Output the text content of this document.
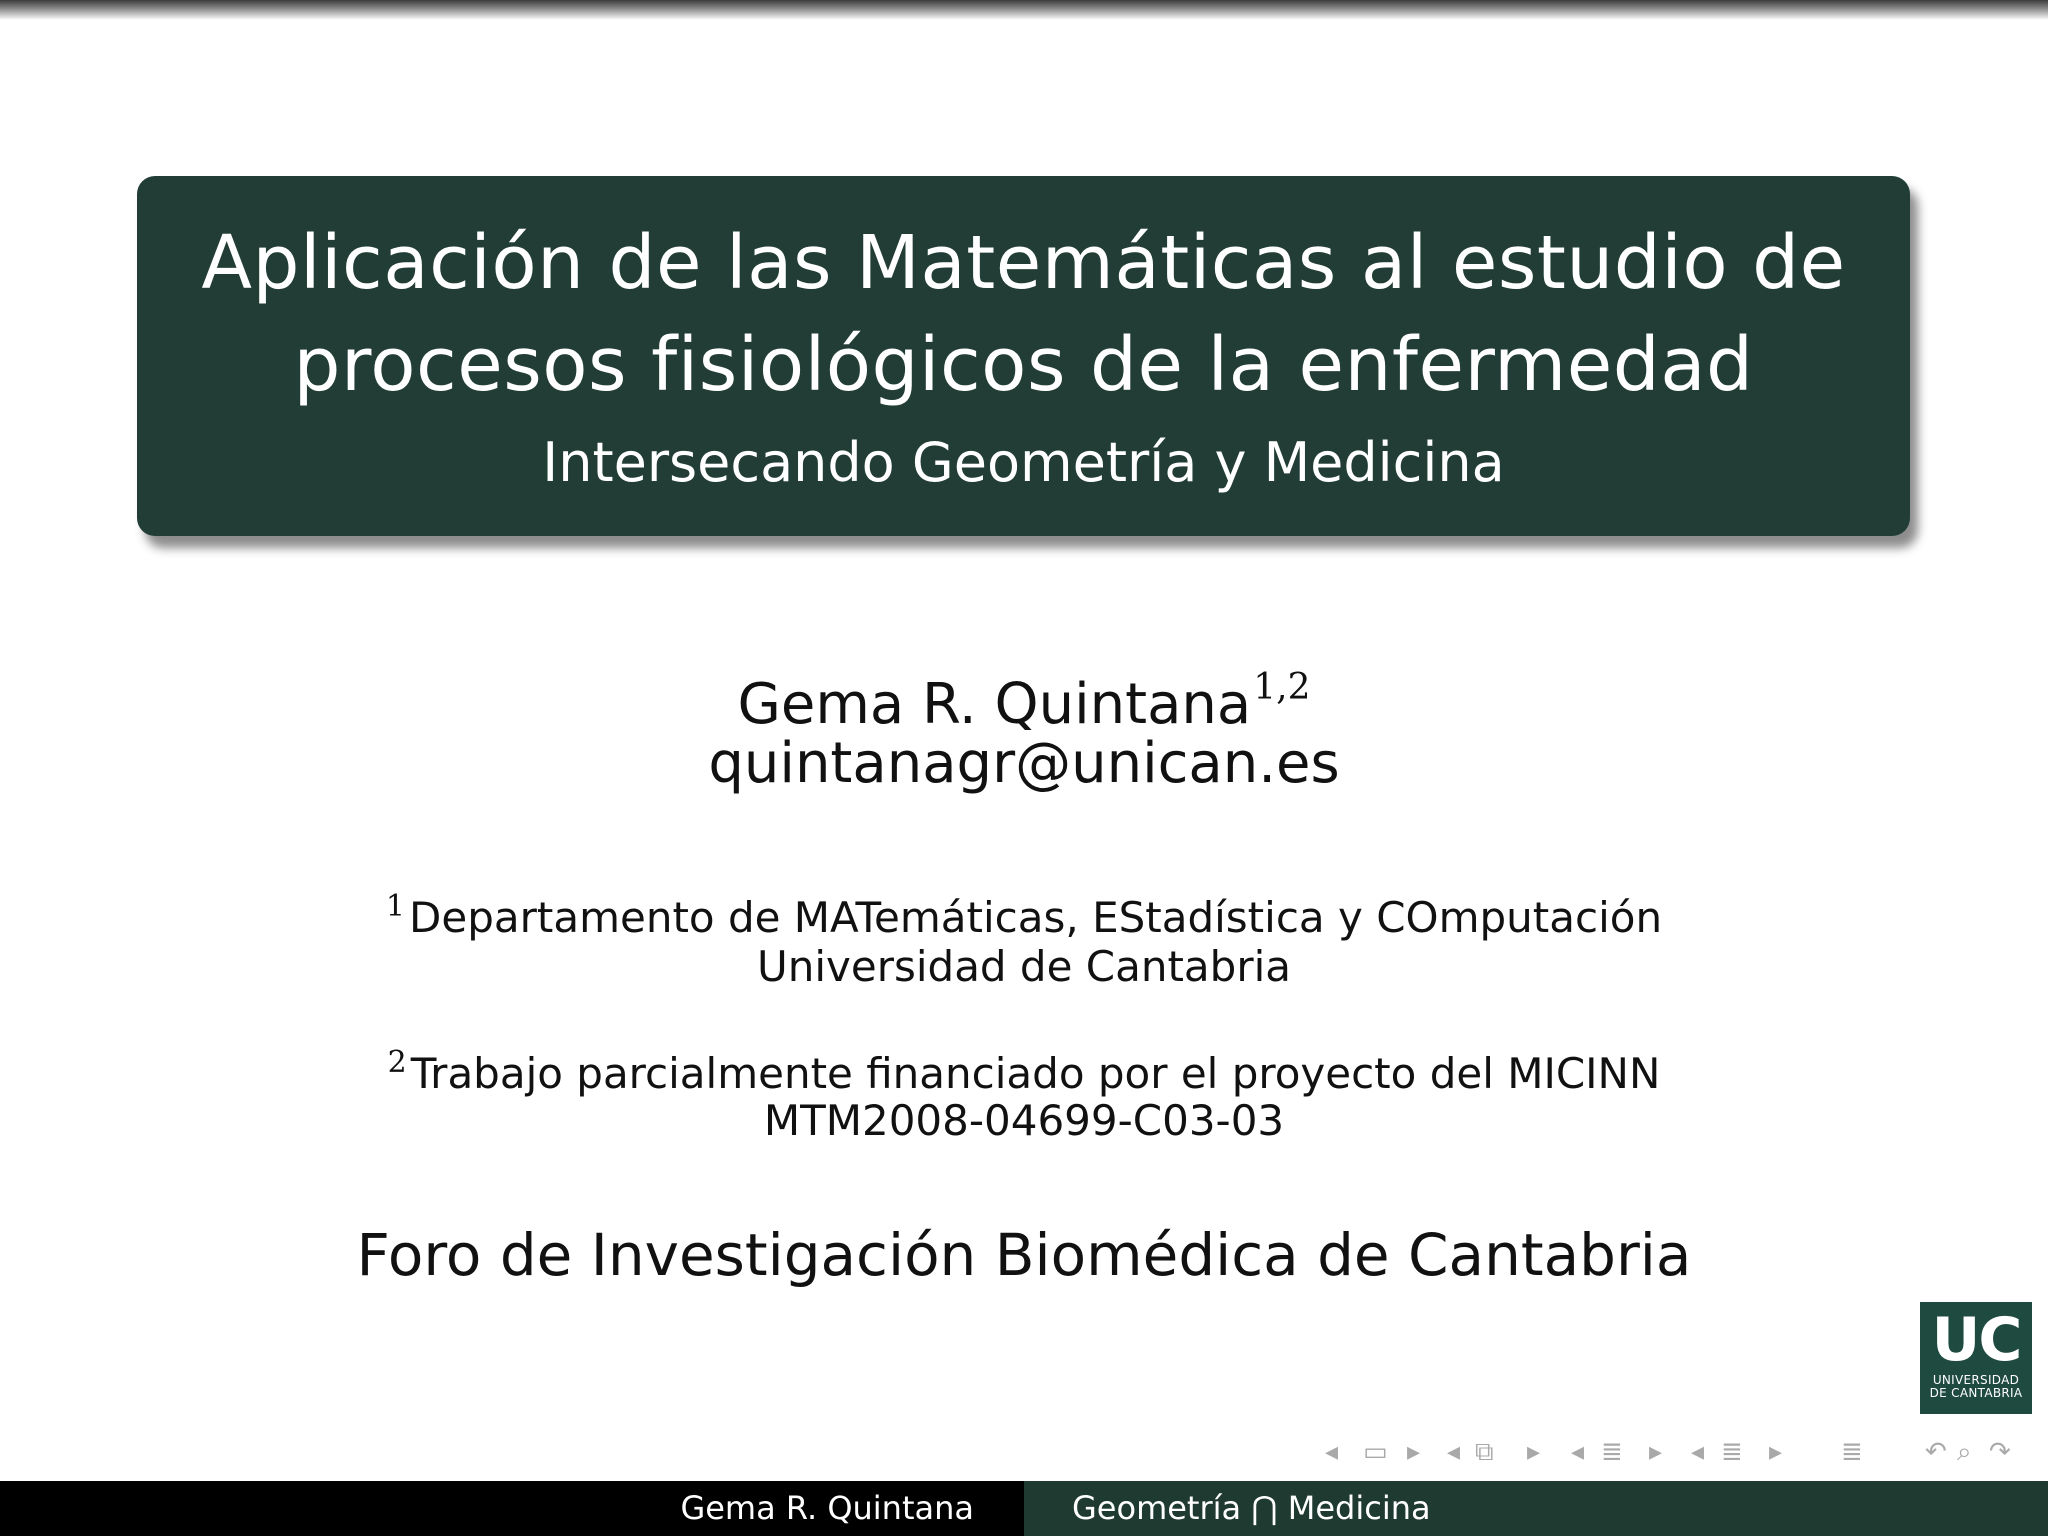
Aplicación de las Matemáticas al estudio de
procesos fisiológicos de la enfermedad
Intersecando Geometría y Medicina
Gema R. Quintana$^{1,2}$
quintanagr@unican.es
$^1$Departamento de MATemáticas, EStadística y COmputación
Universidad de Cantabria
$^2$Trabajo parcialmente financiado por el proyecto del MICINN
MTM2008-04699-C03-03
Foro de Investigación Biomédica de Cantabria
UC
UNIVERSIDAD
DE CANTABRIA
◂ ▭ ▸ ◂ ⧉ ▸ ◂ ≣ ▸ ◂ ≣ ▸ ≣ ↶ ⌕ ↷
Gema R. Quintana	Geometría ⋂ Medicina
